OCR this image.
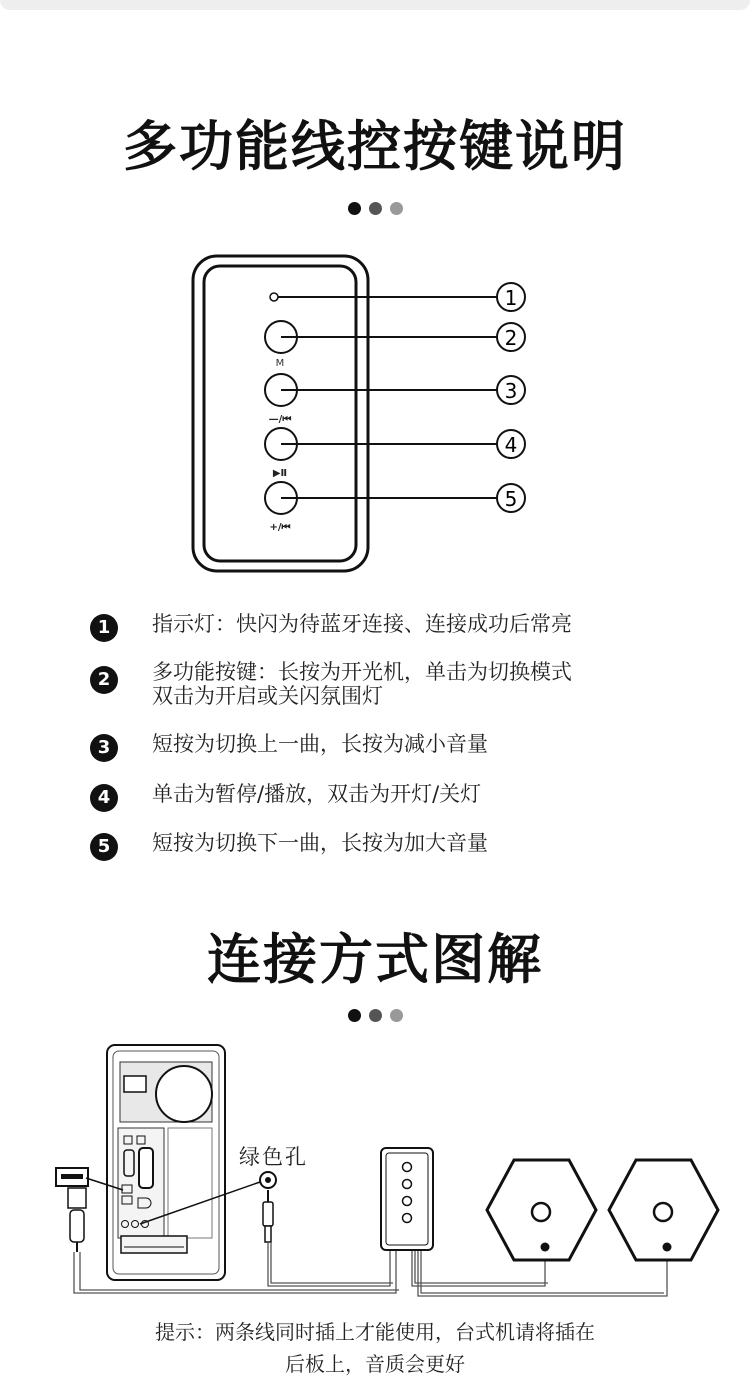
多功能线控按键说明
M
—/⏮
▶Ⅱ
+/⏮
1
2
3
4
5
1	指示灯：快闪为待蓝牙连接、连接成功后常亮
2	多功能按键：长按为开光机，单击为切换模式
双击为开启或关闪氛围灯
3	短按为切换上一曲，长按为减小音量
4	单击为暂停/播放，双击为开灯/关灯
5	短按为切换下一曲，长按为加大音量
连接方式图解
绿色孔
提示：两条线同时插上才能使用，台式机请将插在
后板上，音质会更好
